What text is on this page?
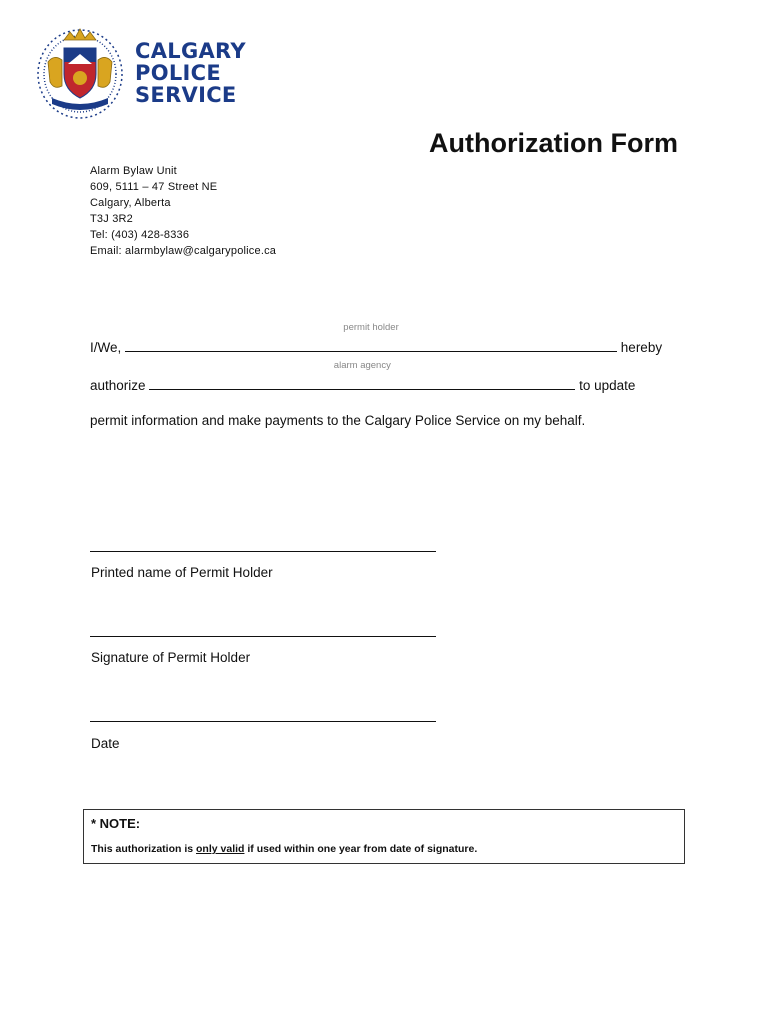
CALGARY
POLICE
SERVICE
Authorization Form
Alarm Bylaw Unit
609, 5111 – 47 Street NE
Calgary, Alberta
T3J 3R2
Tel: (403) 428-8336
Email: alarmbylaw@calgarypolice.ca
I/We,
permit holder
hereby
authorize
alarm agency
to update
permit information and make payments to the Calgary Police Service on my behalf.
Printed name of Permit Holder
Signature of Permit Holder
Date
* NOTE:
This authorization is only valid if used within one year from date of signature.
